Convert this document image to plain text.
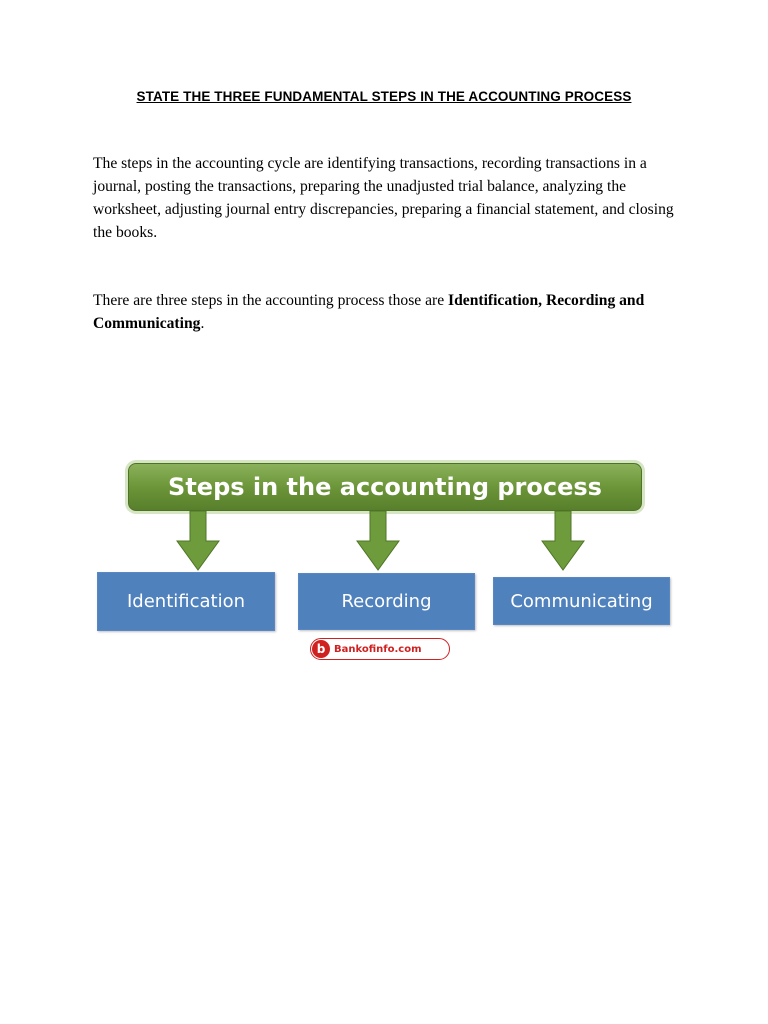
STATE THE THREE FUNDAMENTAL STEPS IN THE ACCOUNTING PROCESS

The steps in the accounting cycle are identifying transactions, recording transactions in a journal, posting the transactions, preparing the unadjusted trial balance, analyzing the worksheet, adjusting journal entry discrepancies, preparing a financial statement, and closing the books.

There are three steps in the accounting process those are Identification, Recording and Communicating.

Steps in the accounting process
Identification	Recording	Communicating
b Bankofinfo.com
